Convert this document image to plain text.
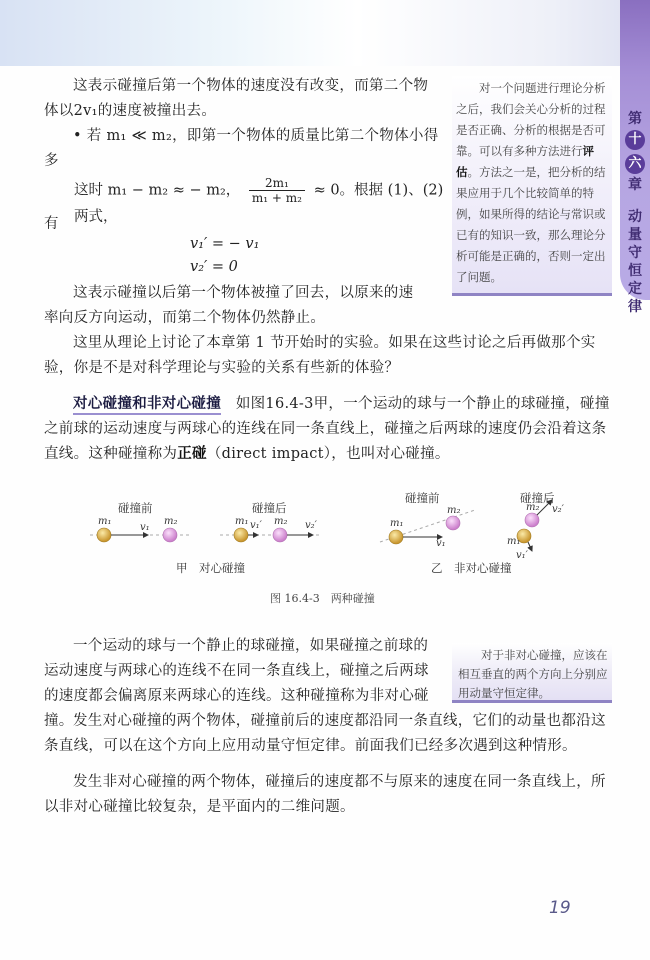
第
十
六
章
动
量
守
恒
定
律
这表示碰撞后第一个物体的速度没有改变，而第二个物体以2v₁的速度被撞出去。
• 若 m₁ ≪ m₂，即第一个物体的质量比第二个物体小得多
这时 m₁ − m₂ ≈ − m₂， $\frac{\text{2m₁}}{\text{m₁ + m₂}} \approx 0$。根据 (1)、(2) 两式，
有
v₁′ = − v₁
v₂′ = 0
这表示碰撞以后第一个物体被撞了回去，以原来的速率向反方向运动，而第二个物体仍然静止。
这里从理论上讨论了本章第 1 节开始时的实验。如果在这些讨论之后再做那个实验，你是不是对科学理论与实验的关系有些新的体验？
对一个问题进行理论分析之后，我们会关心分析的过程是否正确、分析的根据是否可靠。可以有多种方法进行评估。方法之一是，把分析的结果应用于几个比较简单的特例，如果所得的结论与常识或已有的知识一致，那么理论分析可能是正确的，否则一定出了问题。
对心碰撞和非对心碰撞　 如图16.4-3甲，一个运动的球与一个静止的球碰撞，碰撞之前球的运动速度与两球心的连线在同一条直线上，碰撞之后两球的速度仍会沿着这条直线。这种碰撞称为正碰（direct impact），也叫对心碰撞。
碰撞前	碰撞后
碰撞前	碰撞后
m₁	m₂
v₁
m₁ v₁′ m₂ v₂′	m₁
m₂
v₁
m₂ v₂′
m₁
v₁′
甲　对心碰撞	乙　非对心碰撞
图 16.4-3　两种碰撞
一个运动的球与一个静止的球碰撞，如果碰撞之前球的运动速度与两球心的连线不在同一条直线上，碰撞之后两球的速度都会偏离原来两球心的连线。这种碰撞称为非对心碰撞。
对于非对心碰撞，应该在相互垂直的两个方向上分别应用动量守恒定律。
发生对心碰撞的两个物体，碰撞前后的速度都沿同一条直线，它们的动量也都沿这条直线，可以在这个方向上应用动量守恒定律。前面我们已经多次遇到这种情形。
发生非对心碰撞的两个物体，碰撞后的速度都不与原来的速度在同一条直线上，所以非对心碰撞比较复杂，是平面内的二维问题。
19
